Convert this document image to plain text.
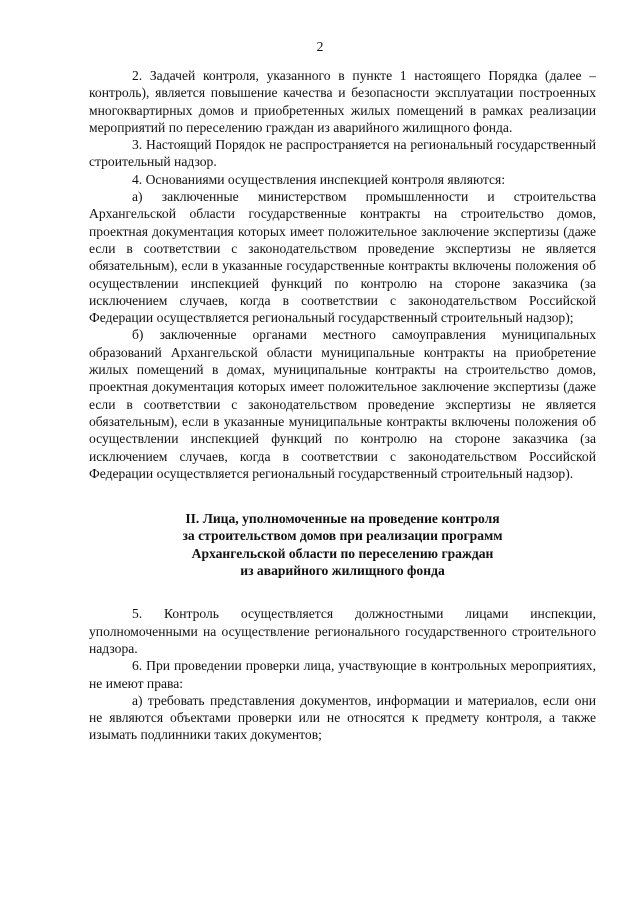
2

2. Задачей контроля, указанного в пункте 1 настоящего Порядка (далее – контроль), является повышение качества и безопасности эксплуатации построенных многоквартирных домов и приобретенных жилых помещений в рамках реализации мероприятий по переселению граждан из аварийного жилищного фонда.

3. Настоящий Порядок не распространяется на региональный государственный строительный надзор.

4. Основаниями осуществления инспекцией контроля являются:

а) заключенные министерством промышленности и строительства Архангельской области государственные контракты на строительство домов, проектная документация которых имеет положительное заключение экспертизы (даже если в соответствии с законодательством проведение экспертизы не является обязательным), если в указанные государственные контракты включены положения об осуществлении инспекцией функций по контролю на стороне заказчика (за исключением случаев, когда в соответствии с законодательством Российской Федерации осуществляется региональный государственный строительный надзор);

б) заключенные органами местного самоуправления муниципальных образований Архангельской области муниципальные контракты на приобретение жилых помещений в домах, муниципальные контракты на строительство домов, проектная документация которых имеет положительное заключение экспертизы (даже если в соответствии с законодательством проведение экспертизы не является обязательным), если в указанные муниципальные контракты включены положения об осуществлении инспекцией функций по контролю на стороне заказчика (за исключением случаев, когда в соответствии с законодательством Российской Федерации осуществляется региональный государственный строительный надзор).

II. Лица, уполномоченные на проведение контроля
за строительством домов при реализации программ
Архангельской области по переселению граждан
из аварийного жилищного фонда

5. Контроль осуществляется должностными лицами инспекции, уполномоченными на осуществление регионального государственного строительного надзора.

6. При проведении проверки лица, участвующие в контрольных мероприятиях, не имеют права:

а) требовать представления документов, информации и материалов, если они не являются объектами проверки или не относятся к предмету контроля, а также изымать подлинники таких документов;
